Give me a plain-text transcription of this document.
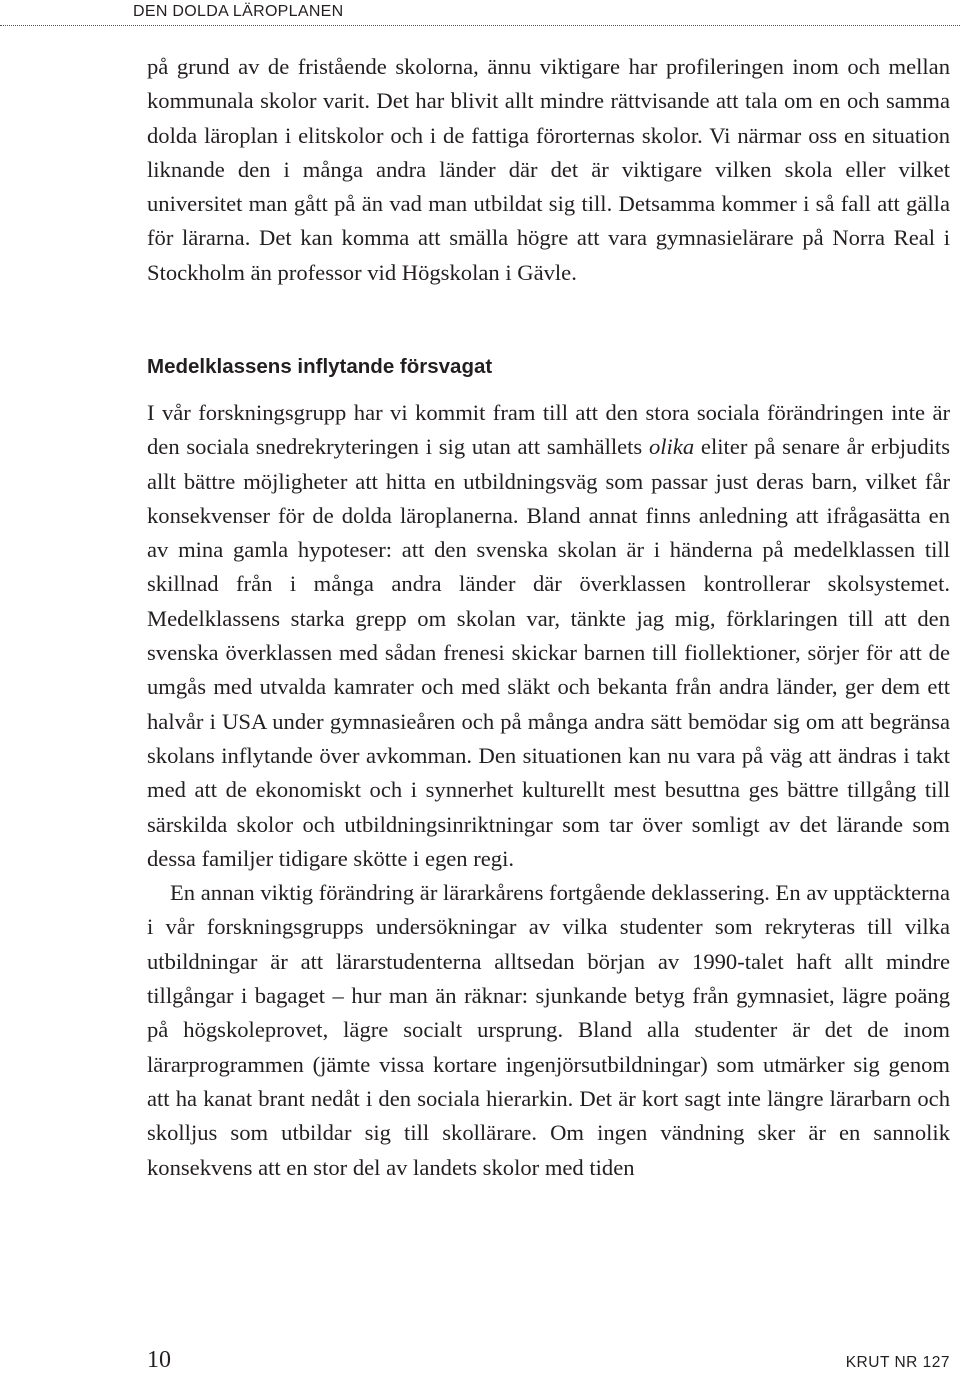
DEN DOLDA LÄROPLANEN

på grund av de fristående skolorna, ännu viktigare har profileringen inom och mellan kommunala skolor varit. Det har blivit allt mindre rättvisande att tala om en och samma dolda läroplan i elitskolor och i de fattiga förorternas skolor. Vi närmar oss en situation liknande den i många andra länder där det är viktigare vilken skola eller vilket universitet man gått på än vad man utbildat sig till. Detsamma kommer i så fall att gälla för lärarna. Det kan komma att smälla högre att vara gymnasielärare på Norra Real i Stockholm än professor vid Högskolan i Gävle.

Medelklassens inflytande försvagat

I vår forskningsgrupp har vi kommit fram till att den stora sociala förändringen inte är den sociala snedrekryteringen i sig utan att samhällets olika eliter på senare år erbjudits allt bättre möjligheter att hitta en utbildningsväg som passar just deras barn, vilket får konsekvenser för de dolda läroplanerna. Bland annat finns anledning att ifrågasätta en av mina gamla hypoteser: att den svenska skolan är i händerna på medelklassen till skillnad från i många andra länder där överklassen kontrollerar skolsystemet. Medelklassens starka grepp om skolan var, tänkte jag mig, förklaringen till att den svenska överklassen med sådan frenesi skickar barnen till fiollektioner, sörjer för att de umgås med utvalda kamrater och med släkt och bekanta från andra länder, ger dem ett halvår i USA under gymnasieåren och på många andra sätt bemödar sig om att begränsa skolans inflytande över avkomman. Den situationen kan nu vara på väg att ändras i takt med att de ekonomiskt och i synnerhet kulturellt mest besuttna ges bättre tillgång till särskilda skolor och utbildningsinriktningar som tar över somligt av det lärande som dessa familjer tidigare skötte i egen regi.

En annan viktig förändring är lärarkårens fortgående deklassering. En av upptäckterna i vår forskningsgrupps undersökningar av vilka studenter som rekryteras till vilka utbildningar är att lärarstudenterna alltsedan början av 1990-talet haft allt mindre tillgångar i bagaget – hur man än räknar: sjunkande betyg från gymnasiet, lägre poäng på högskoleprovet, lägre socialt ursprung. Bland alla studenter är det de inom lärarprogrammen (jämte vissa kortare ingenjörsutbildningar) som utmärker sig genom att ha kanat brant nedåt i den sociala hierarkin. Det är kort sagt inte längre lärarbarn och skolljus som utbildar sig till skollärare. Om ingen vändning sker är en sannolik konsekvens att en stor del av landets skolor med tiden

10	KRUT NR 127
